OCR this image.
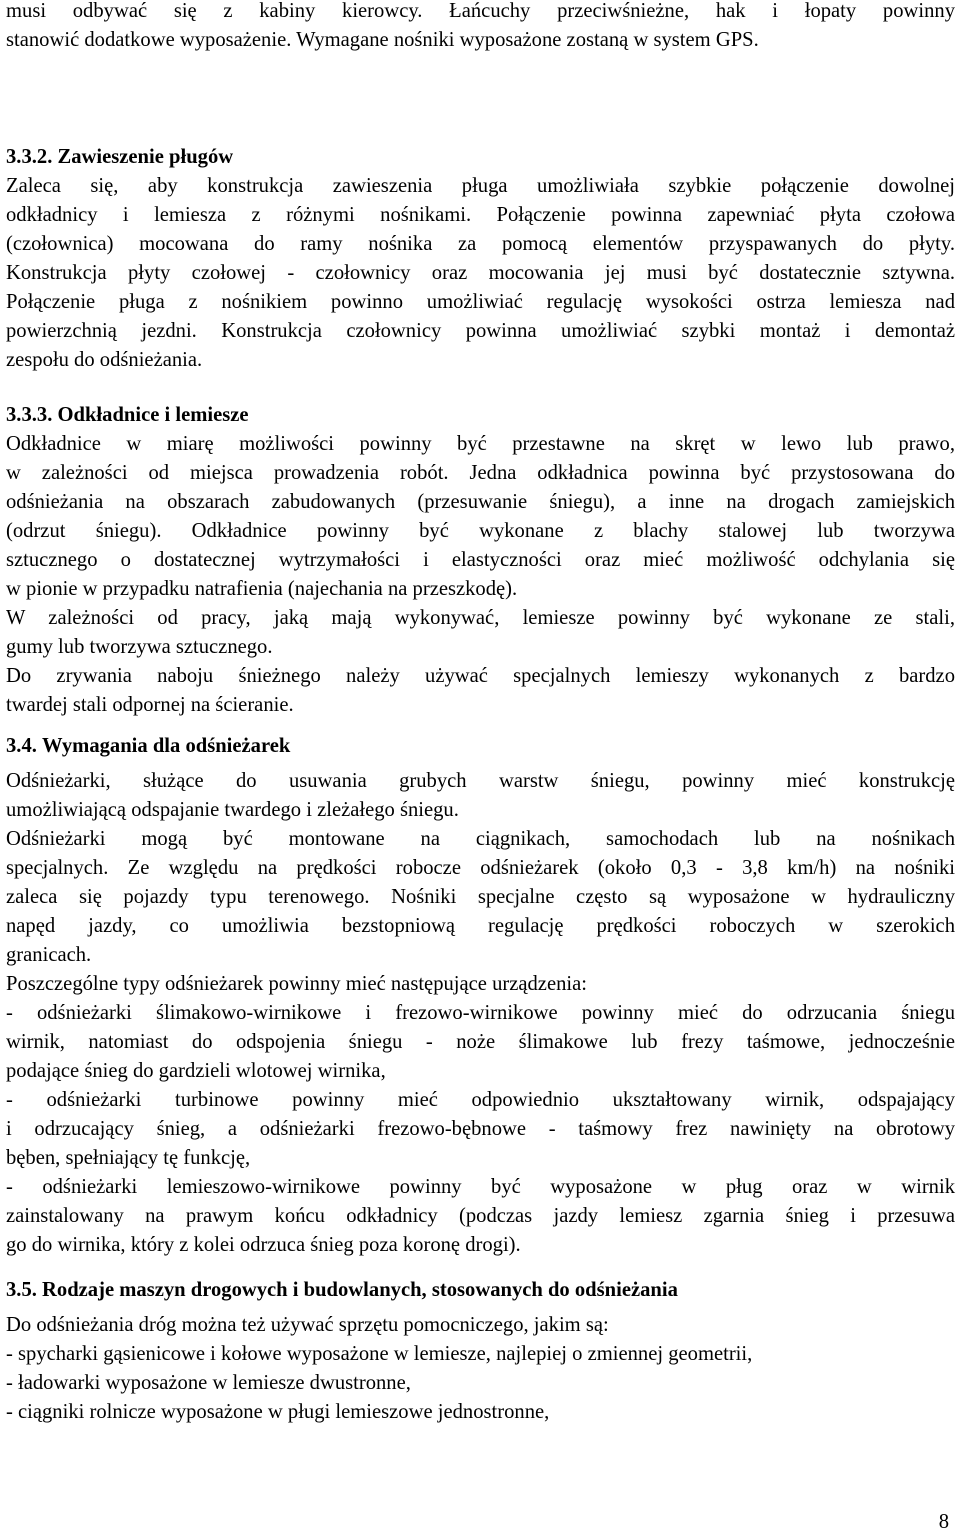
musi odbywać się z kabiny kierowcy. Łańcuchy przeciwśnieżne, hak i łopaty powinny
stanowić dodatkowe wyposażenie. Wymagane nośniki wyposażone zostaną w system GPS.
3.3.2. Zawieszenie pługów
Zaleca się, aby konstrukcja zawieszenia pługa umożliwiała szybkie połączenie dowolnej
odkładnicy i lemiesza z różnymi nośnikami. Połączenie powinna zapewniać płyta czołowa
(czołownica) mocowana do ramy nośnika za pomocą elementów przyspawanych do płyty.
Konstrukcja płyty czołowej - czołownicy oraz mocowania jej musi być dostatecznie sztywna.
Połączenie pługa z nośnikiem powinno umożliwiać regulację wysokości ostrza lemiesza nad
powierzchnią jezdni. Konstrukcja czołownicy powinna umożliwiać szybki montaż i demontaż
zespołu do odśnieżania.
3.3.3. Odkładnice i lemiesze
Odkładnice w miarę możliwości powinny być przestawne na skręt w lewo lub prawo,
w zależności od miejsca prowadzenia robót. Jedna odkładnica powinna być przystosowana do
odśnieżania na obszarach zabudowanych (przesuwanie śniegu), a inne na drogach zamiejskich
(odrzut śniegu). Odkładnice powinny być wykonane z blachy stalowej lub tworzywa
sztucznego o dostatecznej wytrzymałości i elastyczności oraz mieć możliwość odchylania się
w pionie w przypadku natrafienia (najechania na przeszkodę).
W zależności od pracy, jaką mają wykonywać, lemiesze powinny być wykonane ze stali,
gumy lub tworzywa sztucznego.
Do zrywania naboju śnieżnego należy używać specjalnych lemieszy wykonanych z bardzo
twardej stali odpornej na ścieranie.
3.4. Wymagania dla odśnieżarek
Odśnieżarki, służące do usuwania grubych warstw śniegu, powinny mieć konstrukcję
umożliwiającą odspajanie twardego i zleżałego śniegu.
Odśnieżarki mogą być montowane na ciągnikach, samochodach lub na nośnikach
specjalnych. Ze względu na prędkości robocze odśnieżarek (około 0,3 - 3,8 km/h) na nośniki
zaleca się pojazdy typu terenowego. Nośniki specjalne często są wyposażone w hydrauliczny
napęd jazdy, co umożliwia bezstopniową regulację prędkości roboczych w szerokich
granicach.
Poszczególne typy odśnieżarek powinny mieć następujące urządzenia:
- odśnieżarki ślimakowo-wirnikowe i frezowo-wirnikowe powinny mieć do odrzucania śniegu
wirnik, natomiast do odspojenia śniegu - noże ślimakowe lub frezy taśmowe, jednocześnie
podające śnieg do gardzieli wlotowej wirnika,
- odśnieżarki turbinowe powinny mieć odpowiednio ukształtowany wirnik, odspajający
i odrzucający śnieg, a odśnieżarki frezowo-bębnowe - taśmowy frez nawinięty na obrotowy
bęben, spełniający tę funkcję,
- odśnieżarki lemieszowo-wirnikowe powinny być wyposażone w pług oraz w wirnik
zainstalowany na prawym końcu odkładnicy (podczas jazdy lemiesz zgarnia śnieg i przesuwa
go do wirnika, który z kolei odrzuca śnieg poza koronę drogi).
3.5. Rodzaje maszyn drogowych i budowlanych, stosowanych do odśnieżania
Do odśnieżania dróg można też używać sprzętu pomocniczego, jakim są:
- spycharki gąsienicowe i kołowe wyposażone w lemiesze, najlepiej o zmiennej geometrii,
- ładowarki wyposażone w lemiesze dwustronne,
- ciągniki rolnicze wyposażone w pługi lemieszowe jednostronne,
8
